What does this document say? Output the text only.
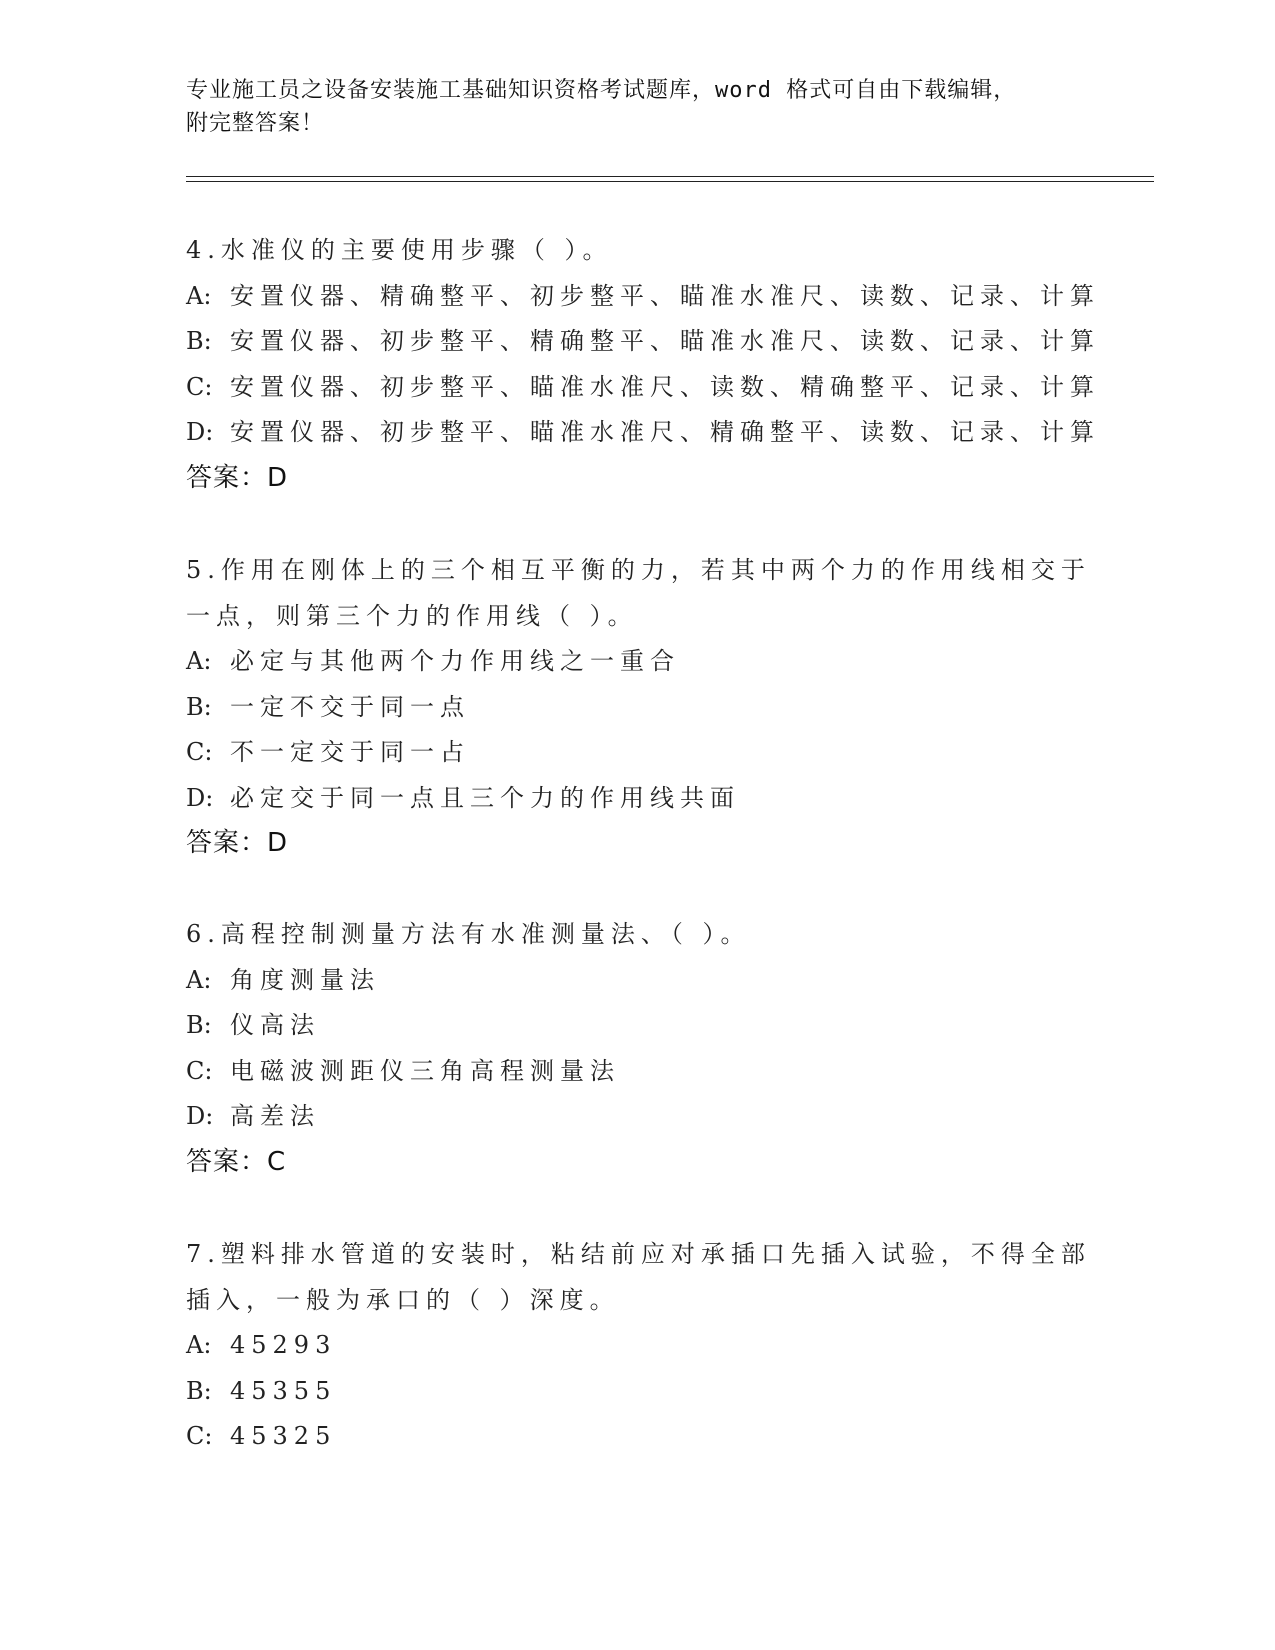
专业施工员之设备安装施工基础知识资格考试题库，word 格式可自由下载编辑，
附完整答案！
4.水准仪的主要使用步骤（ ）。
A: 安置仪器、精确整平、初步整平、瞄准水准尺、读数、记录、计算
B: 安置仪器、初步整平、精确整平、瞄准水准尺、读数、记录、计算
C: 安置仪器、初步整平、瞄准水准尺、读数、精确整平、记录、计算
D: 安置仪器、初步整平、瞄准水准尺、精确整平、读数、记录、计算
答案：D
5.作用在刚体上的三个相互平衡的力，若其中两个力的作用线相交于
一点，则第三个力的作用线（ ）。
A: 必定与其他两个力作用线之一重合
B: 一定不交于同一点
C: 不一定交于同一占
D: 必定交于同一点且三个力的作用线共面
答案：D
6.高程控制测量方法有水准测量法、（ ）。
A: 角度测量法
B: 仪高法
C: 电磁波测距仪三角高程测量法
D: 高差法
答案：C
7.塑料排水管道的安装时，粘结前应对承插口先插入试验，不得全部
插入，一般为承口的（ ）深度。
A: 45293
B: 45355
C: 45325
